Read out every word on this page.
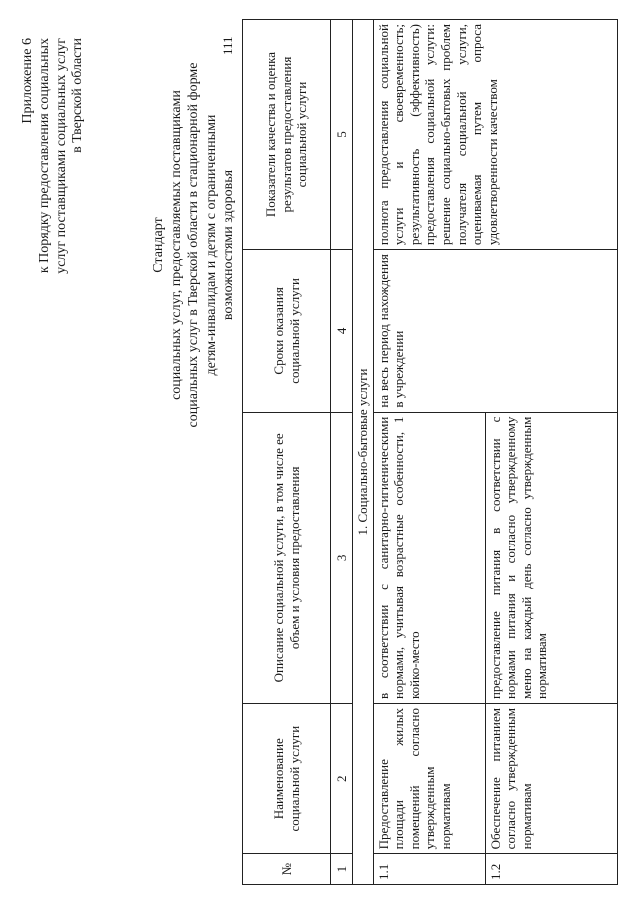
111
Приложение 6 к Порядку предоставления социальных услуг поставщиками социальных услуг в Тверской области
Стандарт социальных услуг, предоставляемых поставщиками социальных услуг в Тверской области в стационарной форме детям-инвалидам и детям с ограниченными возможностями здоровья
№	Наименование социальной услуги	Описание социальной услуги, в том числе ее объем и условия предоставления	Сроки оказания социальной услуги	Показатели качества и оценка результатов предоставления социальной услуги
1	2	3	4	5
1. Социально-бытовые услуги				
1.1	Предоставление площади жилых помещений согласно утвержденным нормативам	в соответствии с санитарно-гигиеническими нормами, учитывая возрастные особенности, 1 койко-место	на весь период нахождения в учреждении	полнота предоставления социальной услуги и своевременность; результативность (эффективность) предоставления социальной услуги: решение социально-бытовых проблем получателя социальной услуги, оцениваемая путем опроса удовлетворенности качеством
1.2	Обеспечение питанием согласно утвержденным нормативам	предоставление питания в соответствии с нормами питания и согласно утвержденному меню на каждый день согласно утвержденным нормативам		
